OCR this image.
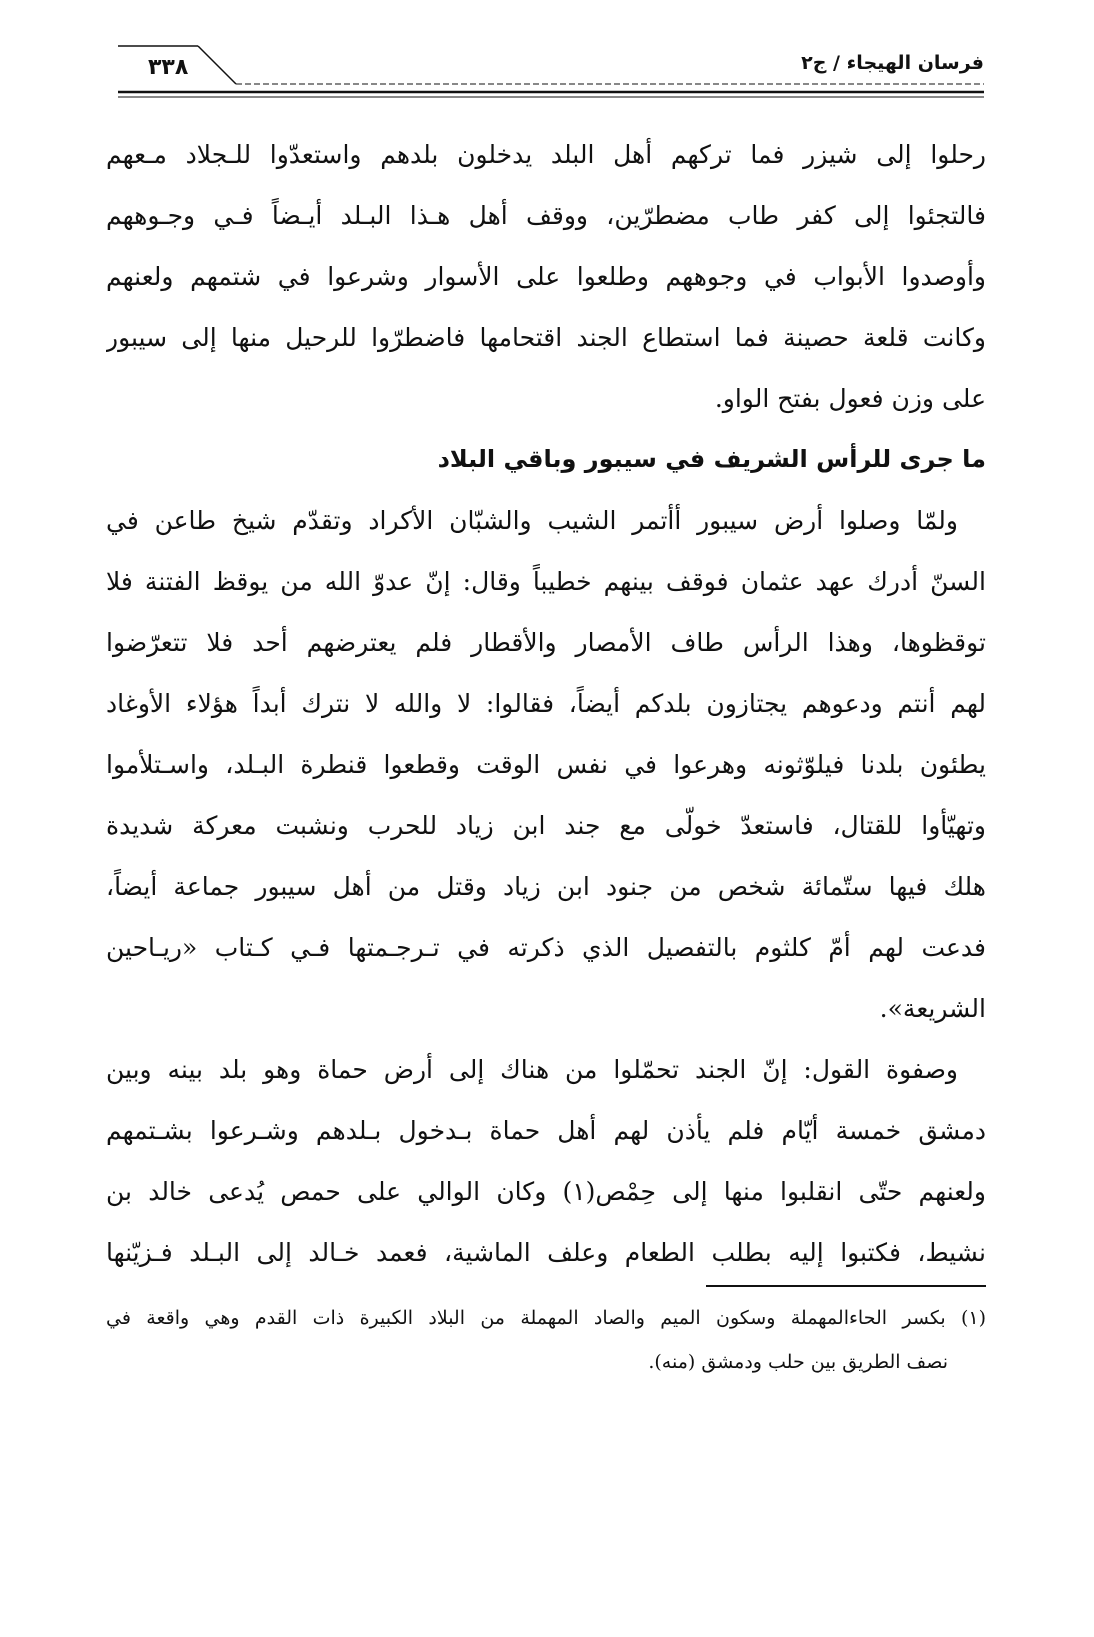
فرسان الهيجاء / ج٢
٣٣٨
رحلوا إلى شيزر فما تركهم أهل البلد يدخلون بلدهم واستعدّوا للـجلاد مـعهم
فالتجئوا إلى كفر طاب مضطرّين، ووقف أهل هـذا البـلد أيـضاً فـي وجـوههم
وأوصدوا الأبواب في وجوههم وطلعوا على الأسوار وشرعوا في شتمهم ولعنهم
وكانت قلعة حصينة فما استطاع الجند اقتحامها فاضطرّوا للرحيل منها إلى سيبور
على وزن فعول بفتح الواو.
ما جرى للرأس الشريف في سيبور وباقي البلاد
ولمّا وصلوا أرض سيبور أأتمر الشيب والشبّان الأكراد وتقدّم شيخ طاعن في
السنّ أدرك عهد عثمان فوقف بينهم خطيباً وقال: إنّ عدوّ الله من يوقظ الفتنة فلا
توقظوها، وهذا الرأس طاف الأمصار والأقطار فلم يعترضهم أحد فلا تتعرّضوا
لهم أنتم ودعوهم يجتازون بلدكم أيضاً، فقالوا: لا والله لا نترك أبداً هؤلاء الأوغاد
يطئون بلدنا فيلوّثونه وهرعوا في نفس الوقت وقطعوا قنطرة البـلد، واسـتلأموا
وتهيّأوا للقتال، فاستعدّ خولّى مع جند ابن زياد للحرب ونشبت معركة شديدة
هلك فيها ستّمائة شخص من جنود ابن زياد وقتل من أهل سيبور جماعة أيضاً،
فدعت لهم أمّ كلثوم بالتفصيل الذي ذكرته في تـرجـمتها فـي كـتاب «ريـاحين
الشريعة».
وصفوة القول: إنّ الجند تحمّلوا من هناك إلى أرض حماة وهو بلد بينه وبين
دمشق خمسة أيّام فلم يأذن لهم أهل حماة بـدخول بـلدهم وشـرعوا بشـتمهم
ولعنهم حتّى انقلبوا منها إلى حِمْص(١) وكان الوالي على حمص يُدعى خالد بن
نشيط، فكتبوا إليه بطلب الطعام وعلف الماشية، فعمد خـالد إلى البـلد فـزيّنها
(١) بكسر الحاءالمهملة وسكون الميم والصاد المهملة من البلاد الكبيرة ذات القدم وهي واقعة في
نصف الطريق بين حلب ودمشق (منه).
